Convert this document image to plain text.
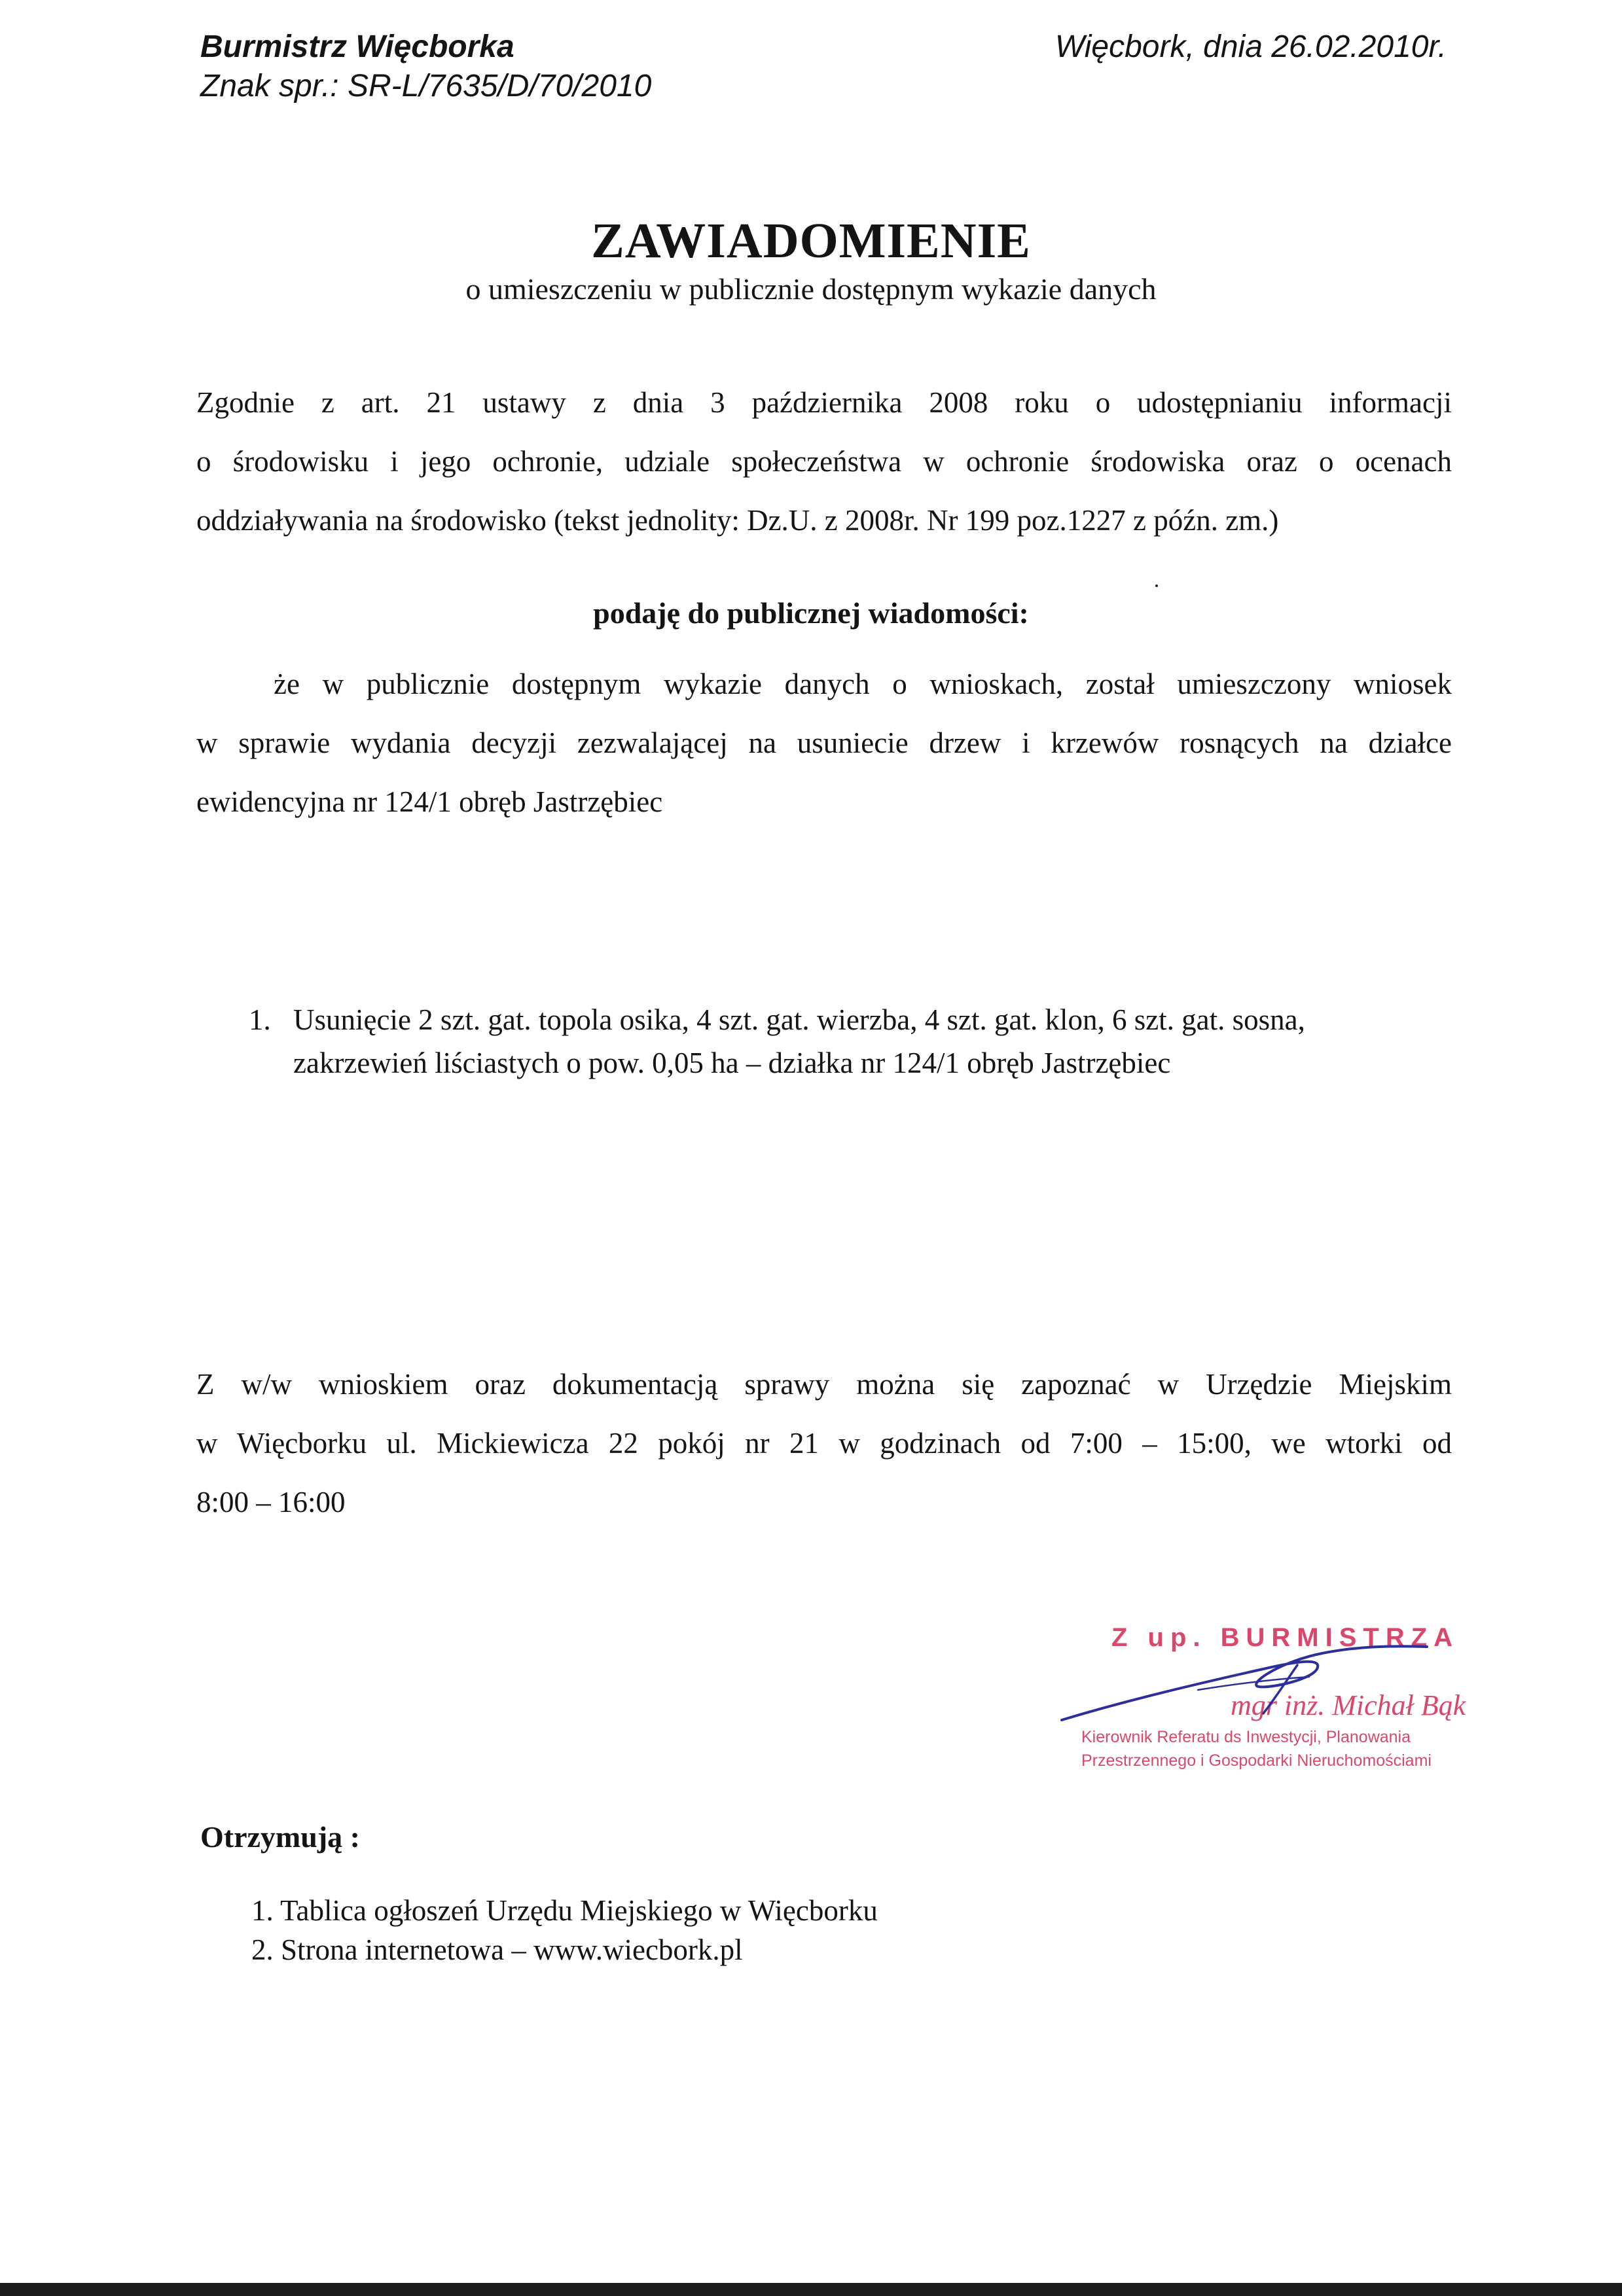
Burmistrz Więcborka
Znak spr.: SR-L/7635/D/70/2010
Więcbork, dnia 26.02.2010r.
ZAWIADOMIENIE
o umieszczeniu w publicznie dostępnym wykazie danych
Zgodnie z art. 21 ustawy z dnia 3 października 2008 roku o udostępnianiu informacji
o środowisku i jego ochronie, udziale społeczeństwa w ochronie środowiska oraz o ocenach
oddziaływania na środowisko (tekst jednolity: Dz.U. z 2008r. Nr 199 poz.1227 z późn. zm.)
podaję do publicznej wiadomości:
że w publicznie dostępnym wykazie danych o wnioskach, został umieszczony wniosek
w sprawie wydania decyzji zezwalającej na usuniecie drzew i krzewów rosnących na działce
ewidencyjna nr 124/1 obręb Jastrzębiec
1. Usunięcie 2 szt. gat. topola osika, 4 szt. gat. wierzba, 4 szt. gat. klon, 6 szt. gat. sosna,
zakrzewień liściastych o pow. 0,05 ha – działka nr 124/1 obręb Jastrzębiec
Z w/w wnioskiem oraz dokumentacją sprawy można się zapoznać w Urzędzie Miejskim
w Więcborku ul. Mickiewicza 22 pokój nr 21 w godzinach od 7:00 – 15:00, we wtorki od
8:00 – 16:00
Z up. BURMISTRZA
mgr inż. Michał Bąk
Kierownik Referatu ds Inwestycji, Planowania
Przestrzennego i Gospodarki Nieruchomościami
Otrzymują :
1. Tablica ogłoszeń Urzędu Miejskiego w Więcborku
2. Strona internetowa – www.wiecbork.pl
